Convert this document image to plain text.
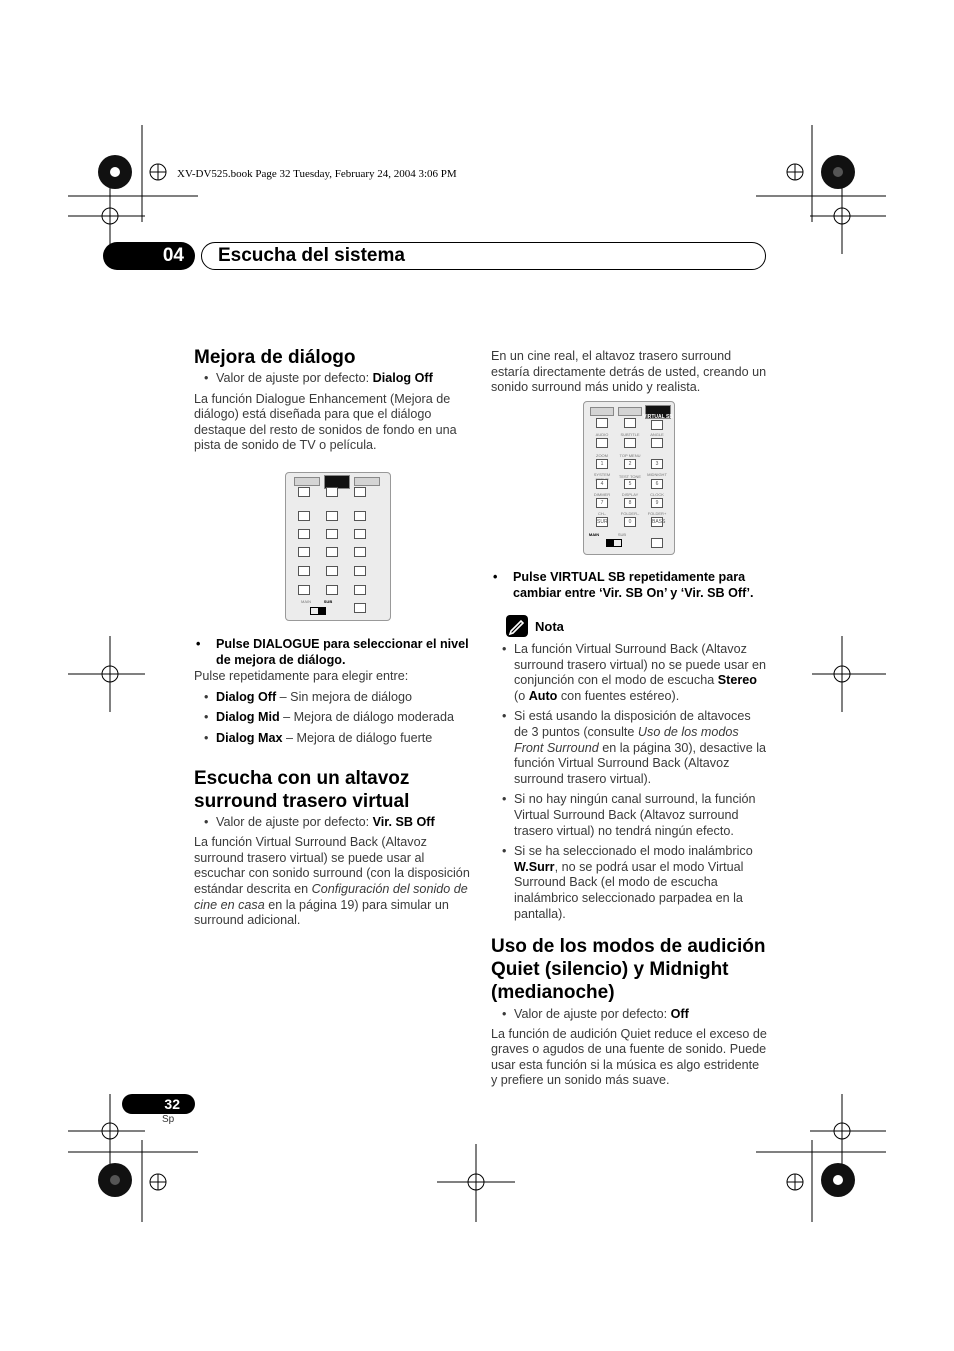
XV-DV525.book Page 32 Tuesday, February 24, 2004 3:06 PM
04	Escucha del sistema
Mejora de diálogo

• Valor de ajuste por defecto: Dialog Off

La función Dialogue Enhancement (Mejora de diálogo) está diseñada para que el diálogo destaque del resto de sonidos de fondo en una pista de sonido de TV o película.

MAIN	SUB

• Pulse DIALOGUE para seleccionar el nivel de mejora de diálogo.

Pulse repetidamente para elegir entre:

• Dialog Off – Sin mejora de diálogo

• Dialog Mid – Mejora de diálogo moderada

• Dialog Max – Mejora de diálogo fuerte

Escucha con un altavoz
surround trasero virtual

• Valor de ajuste por defecto: Vir. SB Off

La función Virtual Surround Back (Altavoz surround trasero virtual) se puede usar al escuchar con sonido surround (con la disposición estándar descrita en Configuración del sonido de cine en casa en la página 19) para simular un surround adicional.

En un cine real, el altavoz trasero surround estaría directamente detrás de usted, creando un sonido surround más unido y realista.

VIRTUAL SB
AUDIO	SUBTITLE	ANGLE
ZOOM	TOP MENU
1	2	3
SYSTEM	TEST TONE	MIDNIGHT
4	5	6
DIMMER	DISPLAY	CLOCK
7	8	9
CH–	FOLDER–	FOLDER+
SUR	0	BASS
MAIN	SUB

• Pulse VIRTUAL SB repetidamente para cambiar entre ‘Vir. SB On’ y ‘Vir. SB Off’.

Nota

• La función Virtual Surround Back (Altavoz surround trasero virtual) no se puede usar en conjunción con el modo de escucha Stereo (o Auto con fuentes estéreo).

• Si está usando la disposición de altavoces de 3 puntos (consulte Uso de los modos Front Surround en la página 30), desactive la función Virtual Surround Back (Altavoz surround trasero virtual).

• Si no hay ningún canal surround, la función Virtual Surround Back (Altavoz surround trasero virtual) no tendrá ningún efecto.

• Si se ha seleccionado el modo inalámbrico W.Surr, no se podrá usar el modo Virtual Surround Back (el modo de escucha inalámbrico seleccionado parpadea en la pantalla).

Uso de los modos de audición
Quiet (silencio) y Midnight
(medianoche)

• Valor de ajuste por defecto: Off

La función de audición Quiet reduce el exceso de graves o agudos de una fuente de sonido. Puede usar esta función si la música es algo estridente y prefiere un sonido más suave.

32
Sp
